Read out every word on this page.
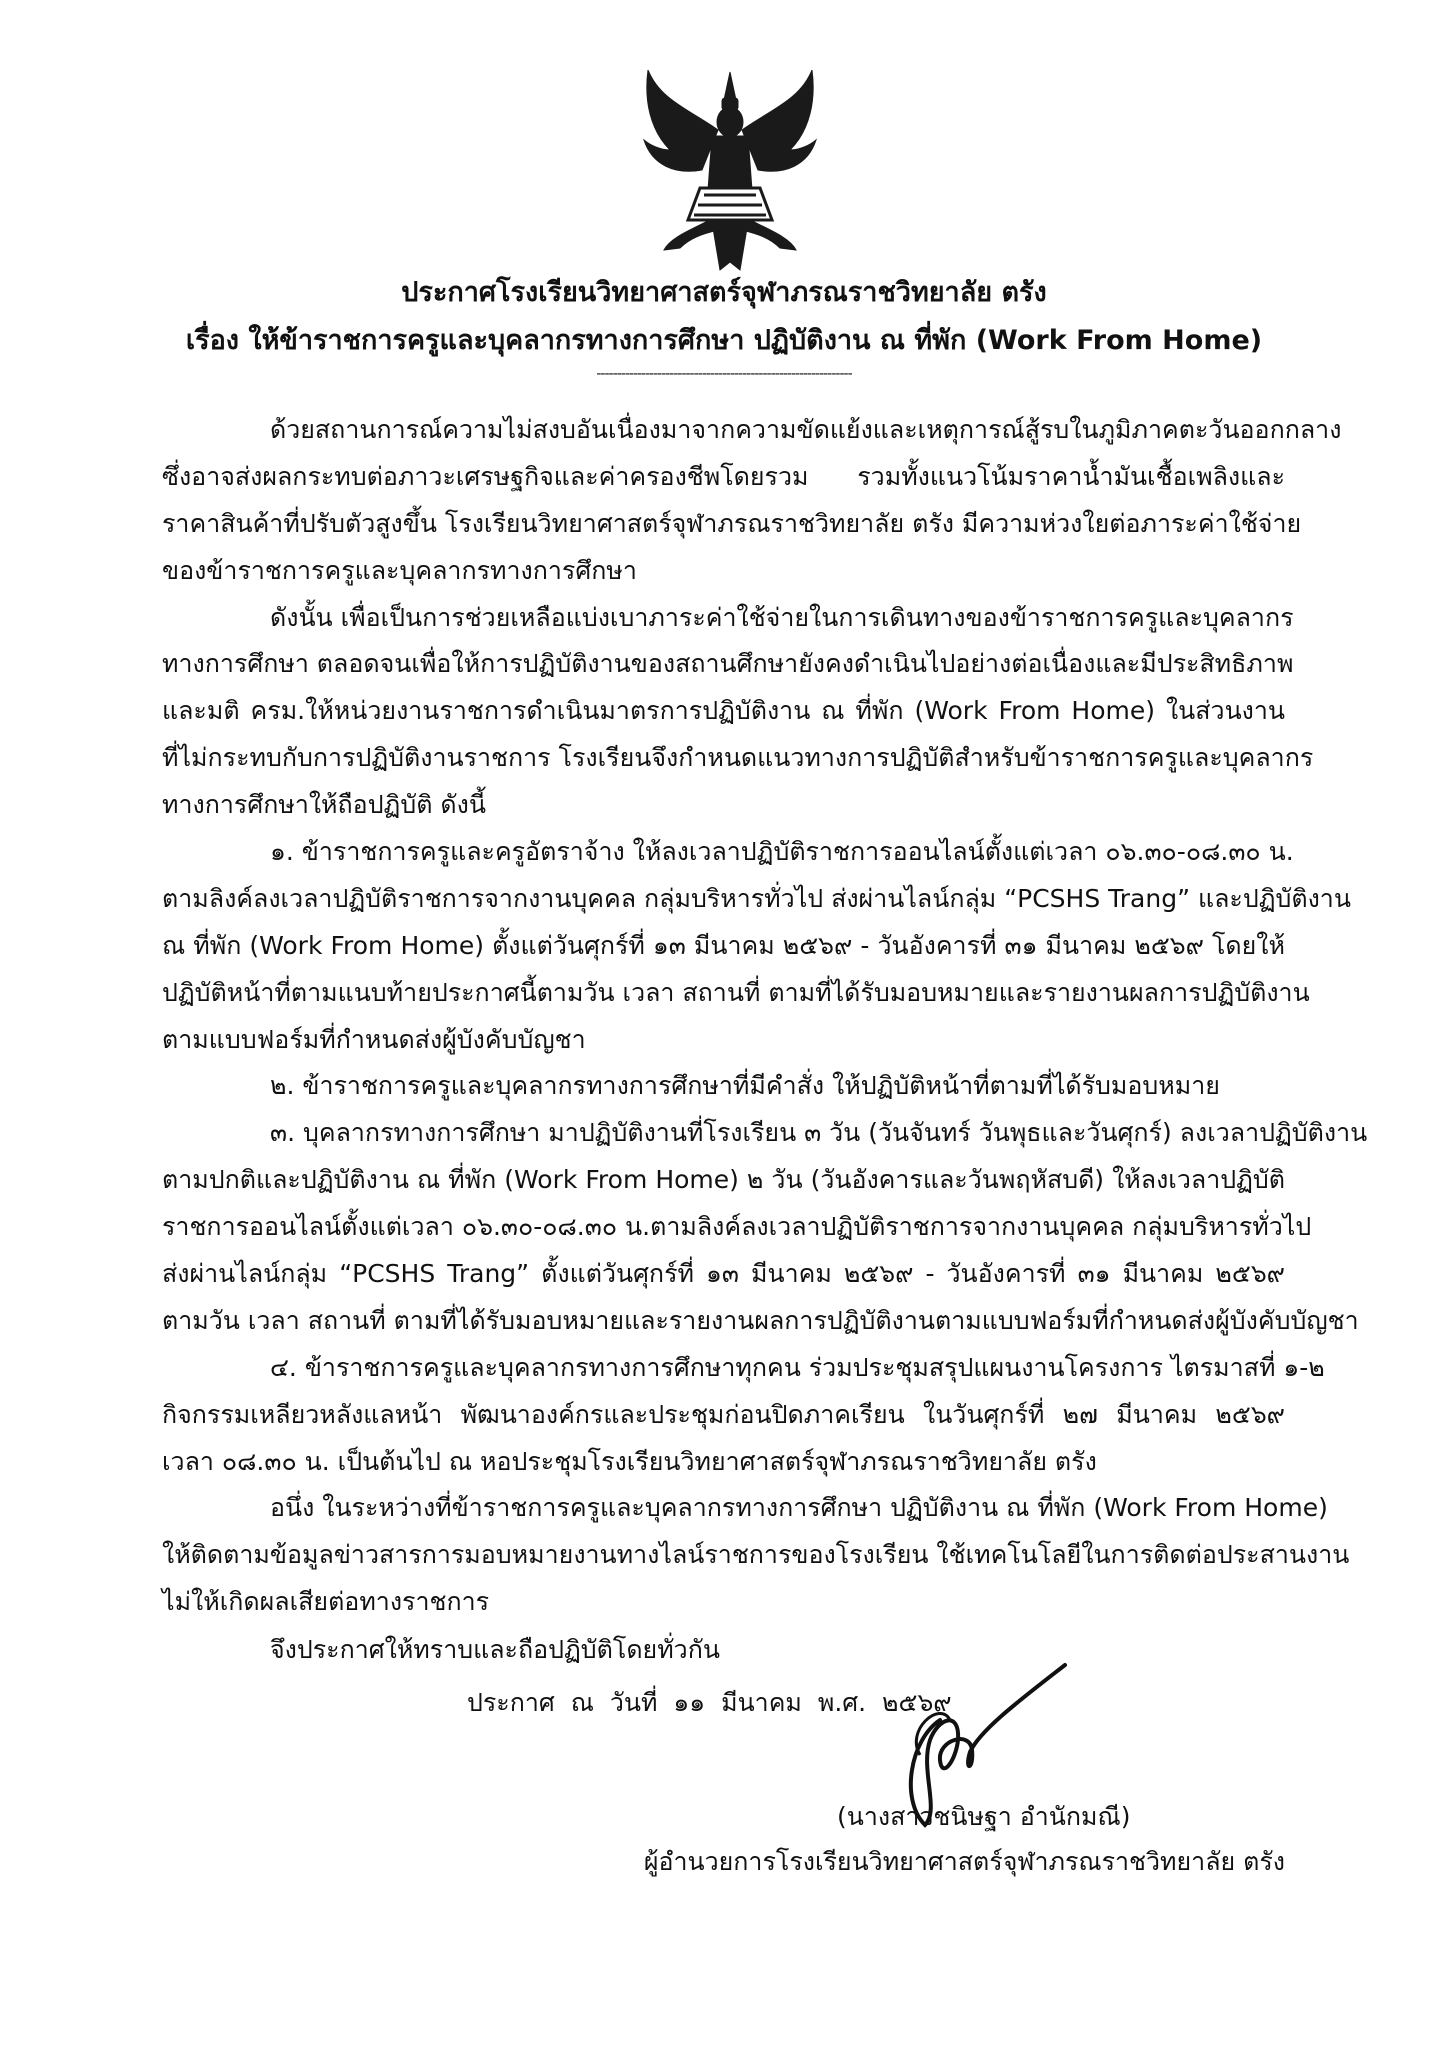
ประกาศโรงเรียนวิทยาศาสตร์จุฬาภรณราชวิทยาลัย ตรัง
เรื่อง ให้ข้าราชการครูและบุคลากรทางการศึกษา ปฏิบัติงาน ณ ที่พัก (Work From Home)
---------------------------------------------------------------
ด้วยสถานการณ์ความไม่สงบอันเนื่องมาจากความขัดแย้งและเหตุการณ์สู้รบในภูมิภาคตะวันออกกลาง
ซึ่งอาจส่งผลกระทบต่อภาวะเศรษฐกิจและค่าครองชีพโดยรวม รวมทั้งแนวโน้มราคาน้ำมันเชื้อเพลิงและ
ราคาสินค้าที่ปรับตัวสูงขึ้น โรงเรียนวิทยาศาสตร์จุฬาภรณราชวิทยาลัย ตรัง มีความห่วงใยต่อภาระค่าใช้จ่าย
ของข้าราชการครูและบุคลากรทางการศึกษา
ดังนั้น เพื่อเป็นการช่วยเหลือแบ่งเบาภาระค่าใช้จ่ายในการเดินทางของข้าราชการครูและบุคลากร
ทางการศึกษา ตลอดจนเพื่อให้การปฏิบัติงานของสถานศึกษายังคงดำเนินไปอย่างต่อเนื่องและมีประสิทธิภาพ
และมติ ครม.ให้หน่วยงานราชการดำเนินมาตรการปฏิบัติงาน ณ ที่พัก (Work From Home) ในส่วนงาน
ที่ไม่กระทบกับการปฏิบัติงานราชการ โรงเรียนจึงกำหนดแนวทางการปฏิบัติสำหรับข้าราชการครูและบุคลากร
ทางการศึกษาให้ถือปฏิบัติ ดังนี้
๑. ข้าราชการครูและครูอัตราจ้าง ให้ลงเวลาปฏิบัติราชการออนไลน์ตั้งแต่เวลา ๐๖.๓๐-๐๘.๓๐ น.
ตามลิงค์ลงเวลาปฏิบัติราชการจากงานบุคคล กลุ่มบริหารทั่วไป ส่งผ่านไลน์กลุ่ม “PCSHS Trang” และปฏิบัติงาน
ณ ที่พัก (Work From Home) ตั้งแต่วันศุกร์ที่ ๑๓ มีนาคม ๒๕๖๙ - วันอังคารที่ ๓๑ มีนาคม ๒๕๖๙ โดยให้
ปฏิบัติหน้าที่ตามแนบท้ายประกาศนี้ตามวัน เวลา สถานที่ ตามที่ได้รับมอบหมายและรายงานผลการปฏิบัติงาน
ตามแบบฟอร์มที่กำหนดส่งผู้บังคับบัญชา
๒. ข้าราชการครูและบุคลากรทางการศึกษาที่มีคำสั่ง ให้ปฏิบัติหน้าที่ตามที่ได้รับมอบหมาย
๓. บุคลากรทางการศึกษา มาปฏิบัติงานที่โรงเรียน ๓ วัน (วันจันทร์ วันพุธและวันศุกร์) ลงเวลาปฏิบัติงาน
ตามปกติและปฏิบัติงาน ณ ที่พัก (Work From Home) ๒ วัน (วันอังคารและวันพฤหัสบดี) ให้ลงเวลาปฏิบัติ
ราชการออนไลน์ตั้งแต่เวลา ๐๖.๓๐-๐๘.๓๐ น.ตามลิงค์ลงเวลาปฏิบัติราชการจากงานบุคคล กลุ่มบริหารทั่วไป
ส่งผ่านไลน์กลุ่ม “PCSHS Trang” ตั้งแต่วันศุกร์ที่ ๑๓ มีนาคม ๒๕๖๙ - วันอังคารที่ ๓๑ มีนาคม ๒๕๖๙
ตามวัน เวลา สถานที่ ตามที่ได้รับมอบหมายและรายงานผลการปฏิบัติงานตามแบบฟอร์มที่กำหนดส่งผู้บังคับบัญชา
๔. ข้าราชการครูและบุคลากรทางการศึกษาทุกคน ร่วมประชุมสรุปแผนงานโครงการ ไตรมาสที่ ๑-๒
กิจกรรมเหลียวหลังแลหน้า พัฒนาองค์กรและประชุมก่อนปิดภาคเรียน ในวันศุกร์ที่ ๒๗ มีนาคม ๒๕๖๙
เวลา ๐๘.๓๐ น. เป็นต้นไป ณ หอประชุมโรงเรียนวิทยาศาสตร์จุฬาภรณราชวิทยาลัย ตรัง
อนึ่ง ในระหว่างที่ข้าราชการครูและบุคลากรทางการศึกษา ปฏิบัติงาน ณ ที่พัก (Work From Home)
ให้ติดตามข้อมูลข่าวสารการมอบหมายงานทางไลน์ราชการของโรงเรียน ใช้เทคโนโลยีในการติดต่อประสานงาน
ไม่ให้เกิดผลเสียต่อทางราชการ
จึงประกาศให้ทราบและถือปฏิบัติโดยทั่วกัน
ประกาศ ณ วันที่ ๑๑ มีนาคม พ.ศ. ๒๕๖๙
(นางสาวชนิษฐา อำนักมณี)
ผู้อำนวยการโรงเรียนวิทยาศาสตร์จุฬาภรณราชวิทยาลัย ตรัง
